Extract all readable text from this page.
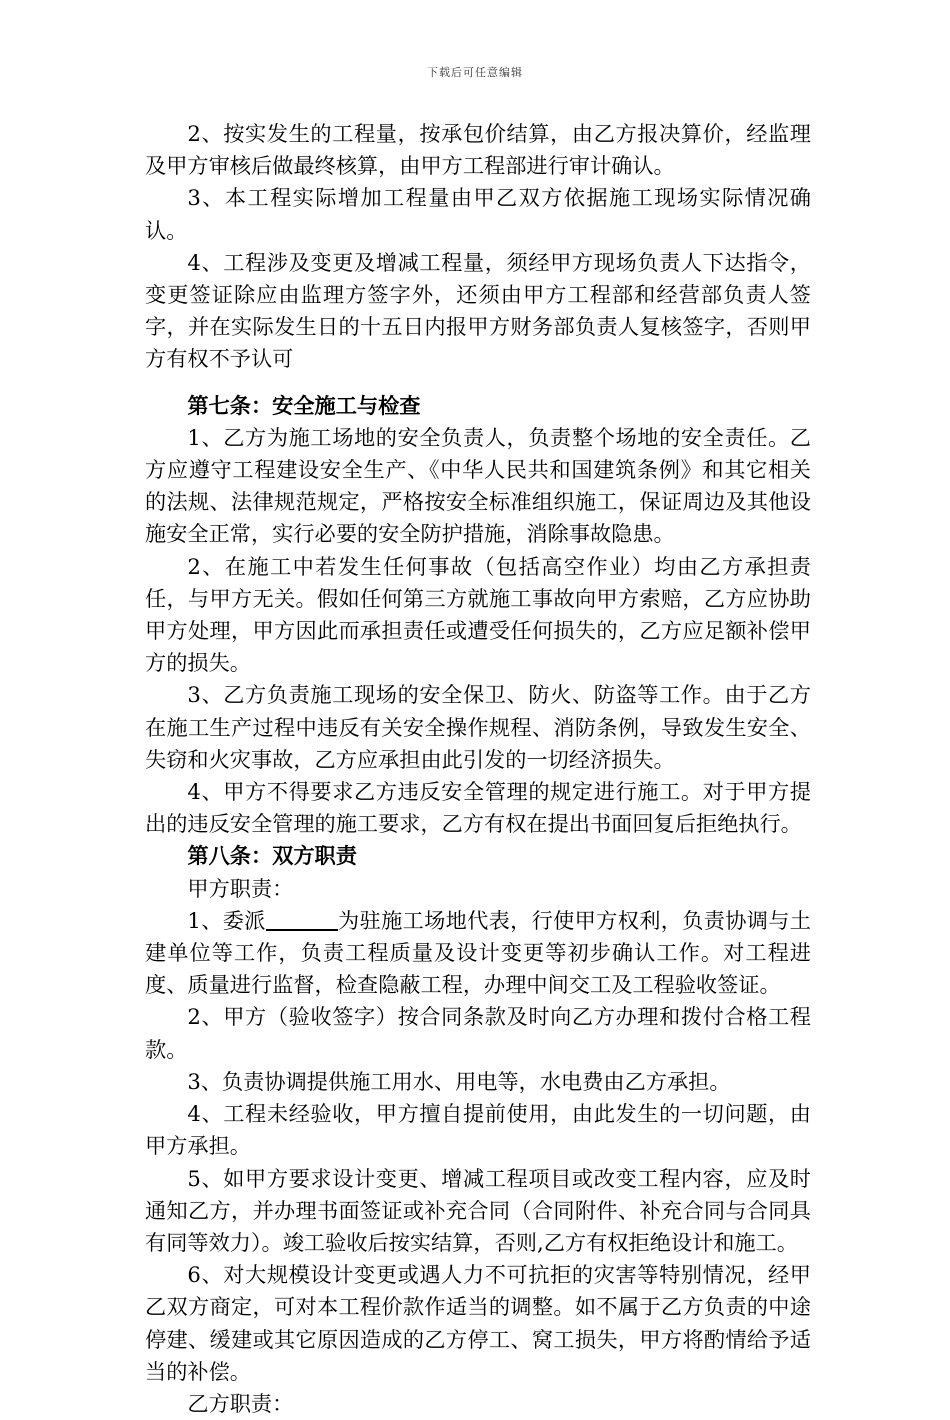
下载后可任意编辑

2、按实发生的工程量，按承包价结算，由乙方报决算价，经监理及甲方审核后做最终核算，由甲方工程部进行审计确认。

3、本工程实际增加工程量由甲乙双方依据施工现场实际情况确认。

4、工程涉及变更及增减工程量，须经甲方现场负责人下达指令，变更签证除应由监理方签字外，还须由甲方工程部和经营部负责人签字，并在实际发生日的十五日内报甲方财务部负责人复核签字，否则甲方有权不予认可

第七条：安全施工与检查

1、乙方为施工场地的安全负责人，负责整个场地的安全责任。乙方应遵守工程建设安全生产、《中华人民共和国建筑条例》和其它相关的法规、法律规范规定，严格按安全标准组织施工，保证周边及其他设施安全正常，实行必要的安全防护措施，消除事故隐患。

2、在施工中若发生任何事故（包括高空作业）均由乙方承担责任，与甲方无关。假如任何第三方就施工事故向甲方索赔，乙方应协助甲方处理，甲方因此而承担责任或遭受任何损失的，乙方应足额补偿甲方的损失。

3、乙方负责施工现场的安全保卫、防火、防盗等工作。由于乙方在施工生产过程中违反有关安全操作规程、消防条例，导致发生安全、失窃和火灾事故，乙方应承担由此引发的一切经济损失。

4、甲方不得要求乙方违反安全管理的规定进行施工。对于甲方提出的违反安全管理的施工要求，乙方有权在提出书面回复后拒绝执行。

第八条：双方职责

甲方职责：

1、委派	为驻施工场地代表，行使甲方权利，负责协调与土建单位等工作，负责工程质量及设计变更等初步确认工作。对工程进度、质量进行监督，检查隐蔽工程，办理中间交工及工程验收签证。

2、甲方（验收签字）按合同条款及时向乙方办理和拨付合格工程款。

3、负责协调提供施工用水、用电等，水电费由乙方承担。

4、工程未经验收，甲方擅自提前使用，由此发生的一切问题，由甲方承担。

5、如甲方要求设计变更、增减工程项目或改变工程内容，应及时通知乙方，并办理书面签证或补充合同（合同附件、补充合同与合同具有同等效力）。竣工验收后按实结算，否则,乙方有权拒绝设计和施工。

6、对大规模设计变更或遇人力不可抗拒的灾害等特别情况，经甲乙双方商定，可对本工程价款作适当的调整。如不属于乙方负责的中途停建、缓建或其它原因造成的乙方停工、窝工损失，甲方将酌情给予适当的补偿。

乙方职责：
